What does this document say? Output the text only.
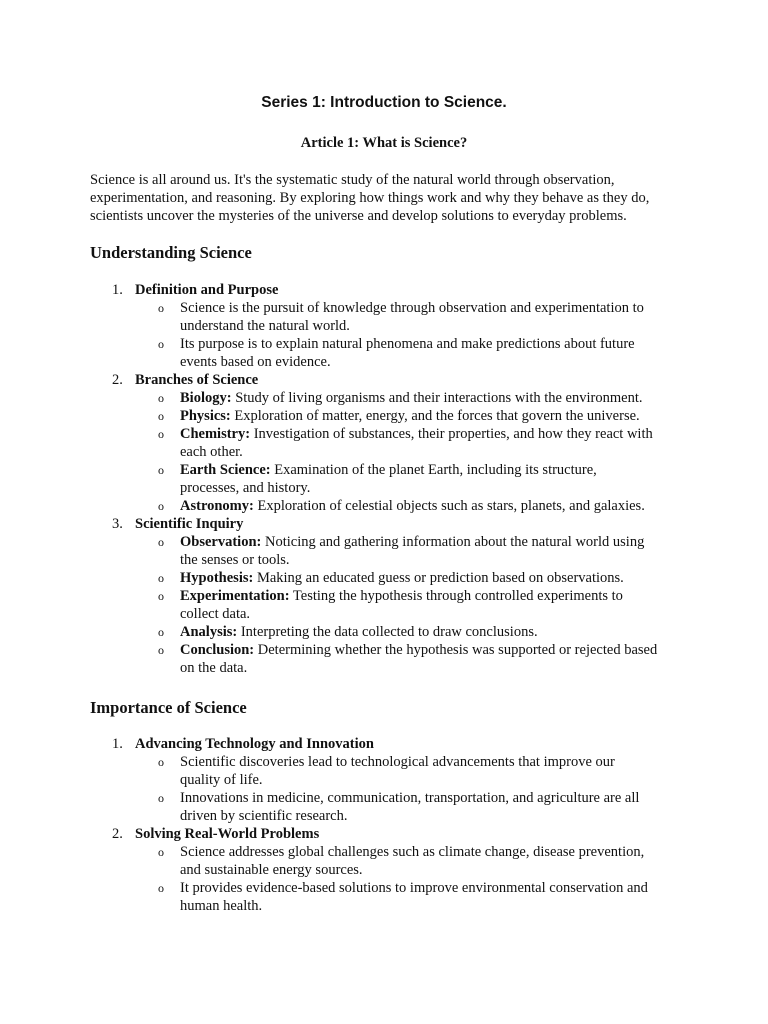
Series 1: Introduction to Science.
Article 1: What is Science?
Science is all around us. It's the systematic study of the natural world through observation,
experimentation, and reasoning. By exploring how things work and why they behave as they do,
scientists uncover the mysteries of the universe and develop solutions to everyday problems.
Understanding Science
1. Definition and Purpose
o Science is the pursuit of knowledge through observation and experimentation to
understand the natural world.
o Its purpose is to explain natural phenomena and make predictions about future
events based on evidence.
2. Branches of Science
o Biology: Study of living organisms and their interactions with the environment.
o Physics: Exploration of matter, energy, and the forces that govern the universe.
o Chemistry: Investigation of substances, their properties, and how they react with
each other.
o Earth Science: Examination of the planet Earth, including its structure,
processes, and history.
o Astronomy: Exploration of celestial objects such as stars, planets, and galaxies.
3. Scientific Inquiry
o Observation: Noticing and gathering information about the natural world using
the senses or tools.
o Hypothesis: Making an educated guess or prediction based on observations.
o Experimentation: Testing the hypothesis through controlled experiments to
collect data.
o Analysis: Interpreting the data collected to draw conclusions.
o Conclusion: Determining whether the hypothesis was supported or rejected based
on the data.
Importance of Science
1. Advancing Technology and Innovation
o Scientific discoveries lead to technological advancements that improve our
quality of life.
o Innovations in medicine, communication, transportation, and agriculture are all
driven by scientific research.
2. Solving Real-World Problems
o Science addresses global challenges such as climate change, disease prevention,
and sustainable energy sources.
o It provides evidence-based solutions to improve environmental conservation and
human health.
